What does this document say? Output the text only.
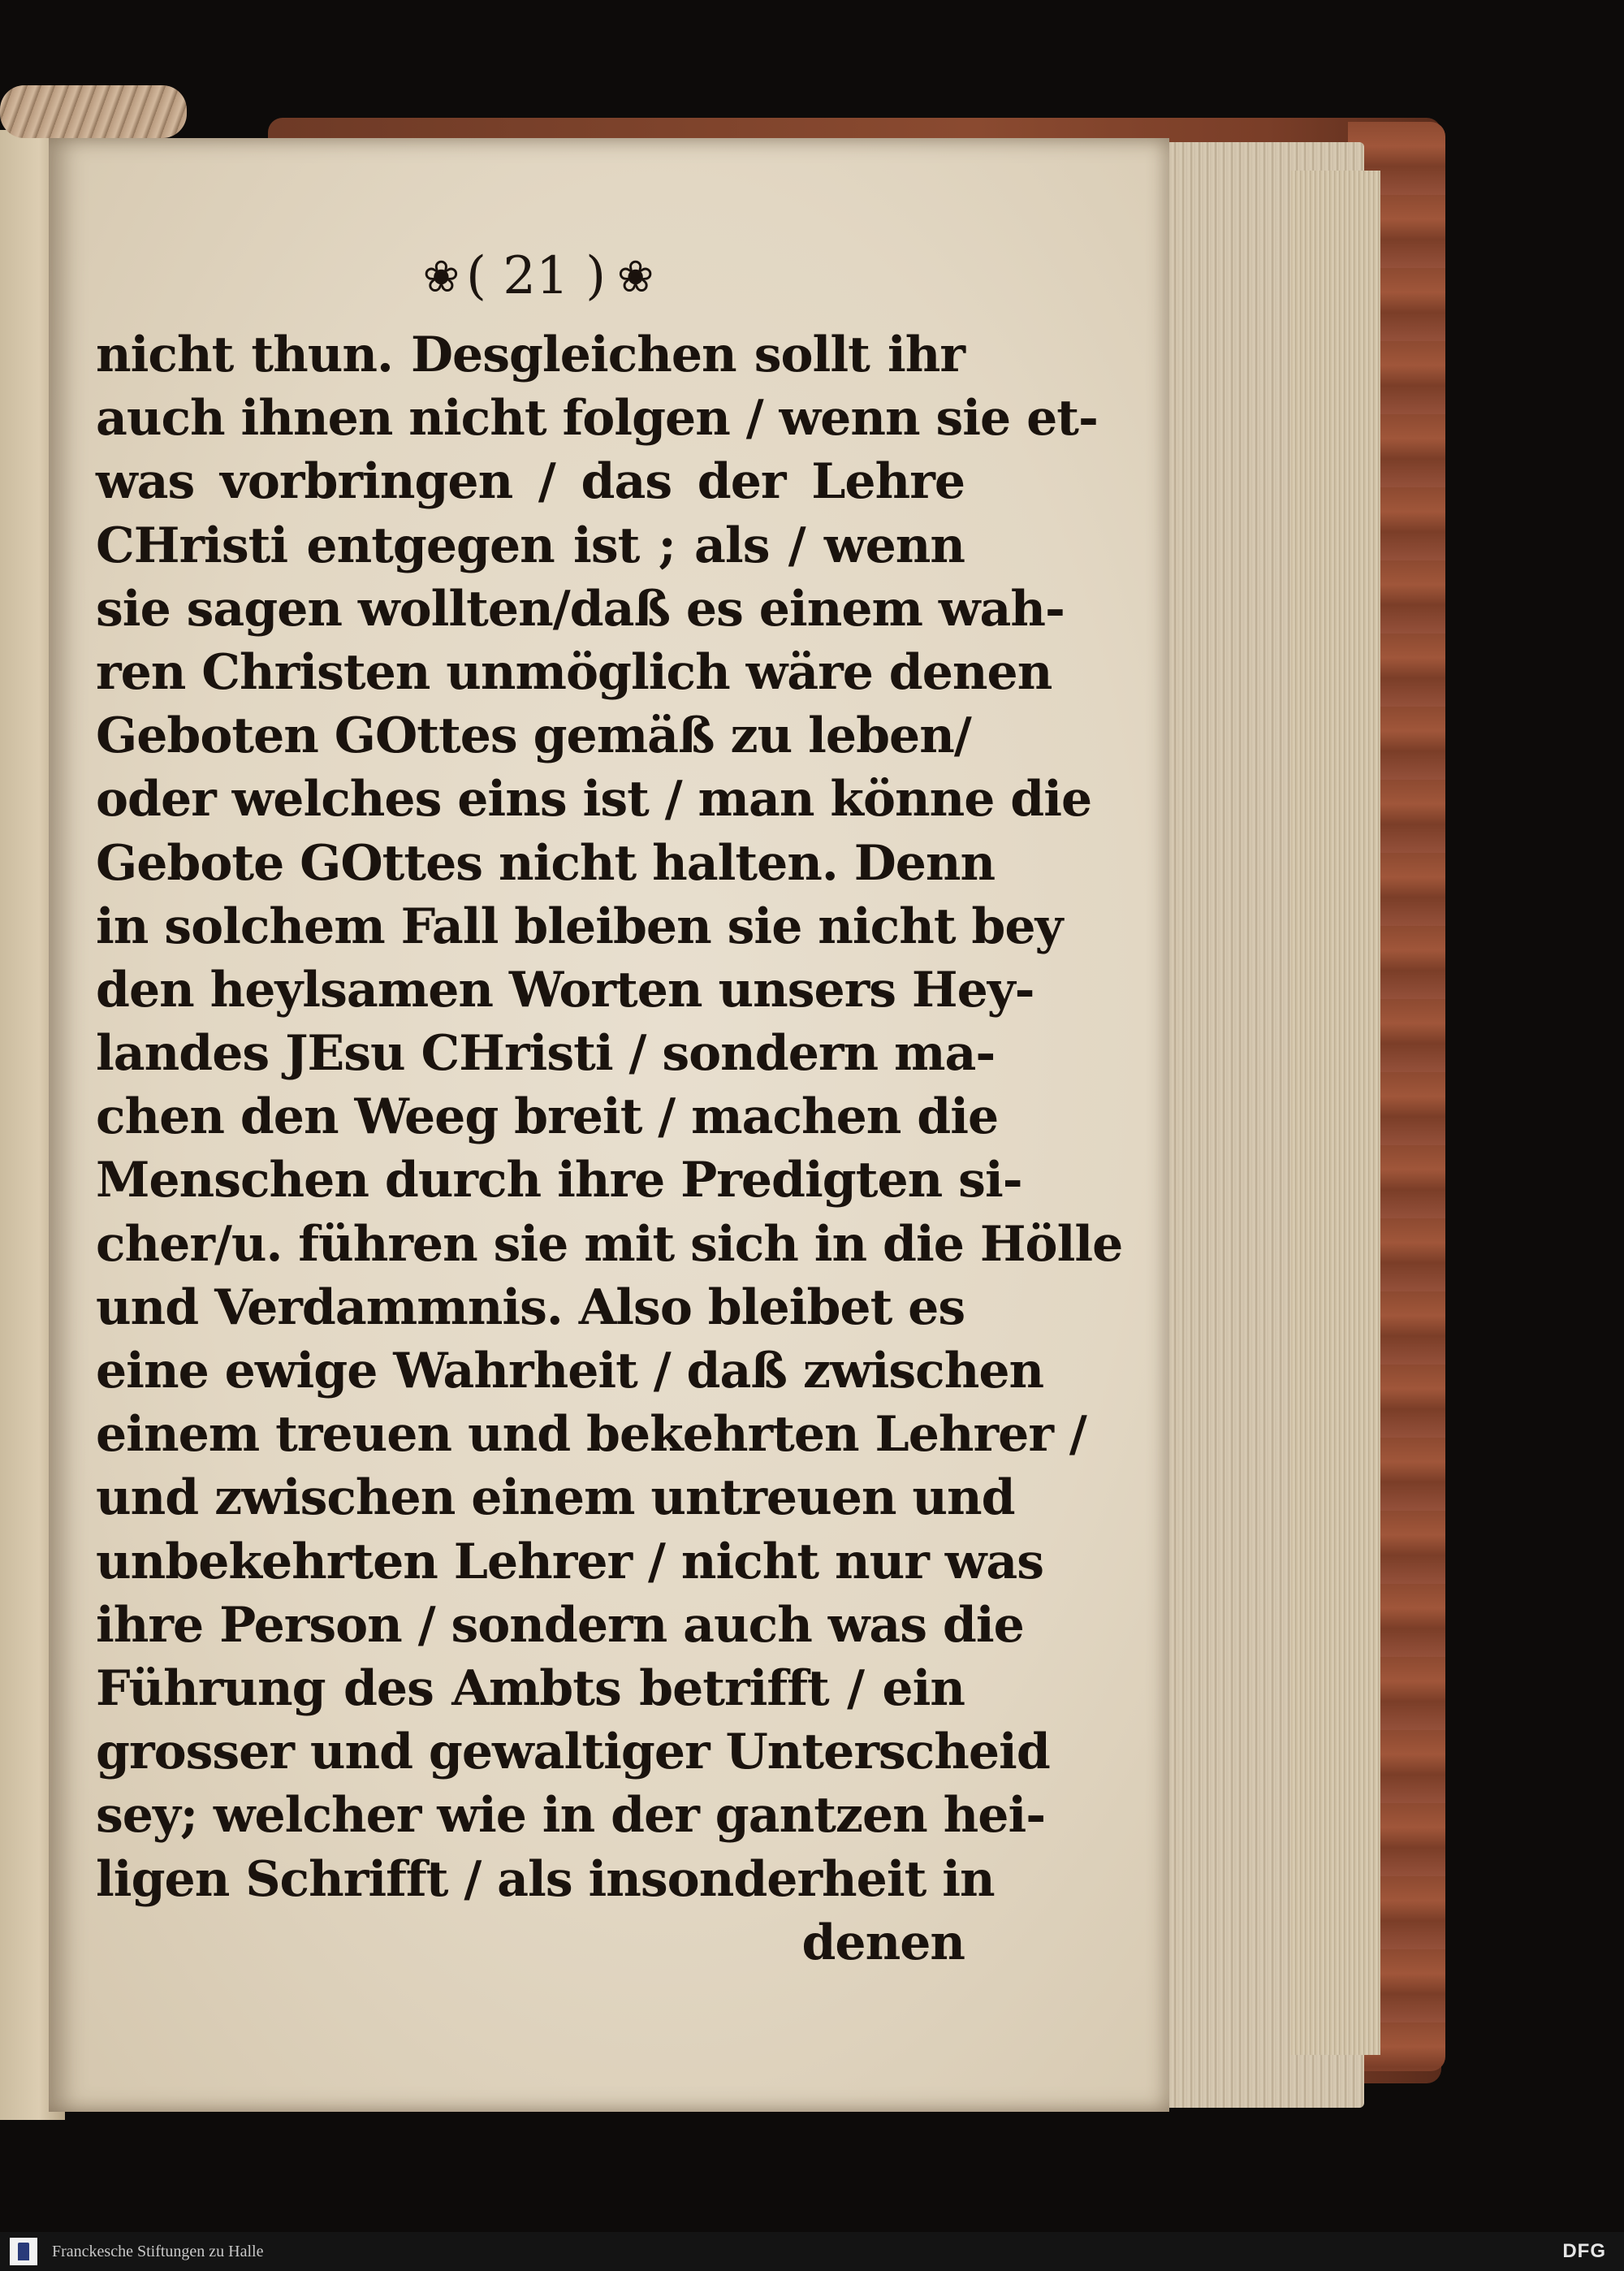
❀ ( 21 ) ❀
nicht thun. Desgleichen sollt ihr
auch ihnen nicht folgen / wenn sie et-
was vorbringen / das der Lehre
CHristi entgegen ist ; als / wenn
sie sagen wollten/daß es einem wah-
ren Christen unmöglich wäre denen
Geboten GOttes gemäß zu leben/
oder welches eins ist / man könne die
Gebote GOttes nicht halten. Denn
in solchem Fall bleiben sie nicht bey
den heylsamen Worten unsers Hey-
landes JEsu CHristi / sondern ma-
chen den Weeg breit / machen die
Menschen durch ihre Predigten si-
cher/u. führen sie mit sich in die Hölle
und Verdammnis. Also bleibet es
eine ewige Wahrheit / daß zwischen
einem treuen und bekehrten Lehrer /
und zwischen einem untreuen und
unbekehrten Lehrer / nicht nur was
ihre Person / sondern auch was die
Führung des Ambts betrifft / ein
grosser und gewaltiger Unterscheid
sey; welcher wie in der gantzen hei-
ligen Schrifft / als insonderheit in
denen
Franckesche Stiftungen zu Halle	DFG
